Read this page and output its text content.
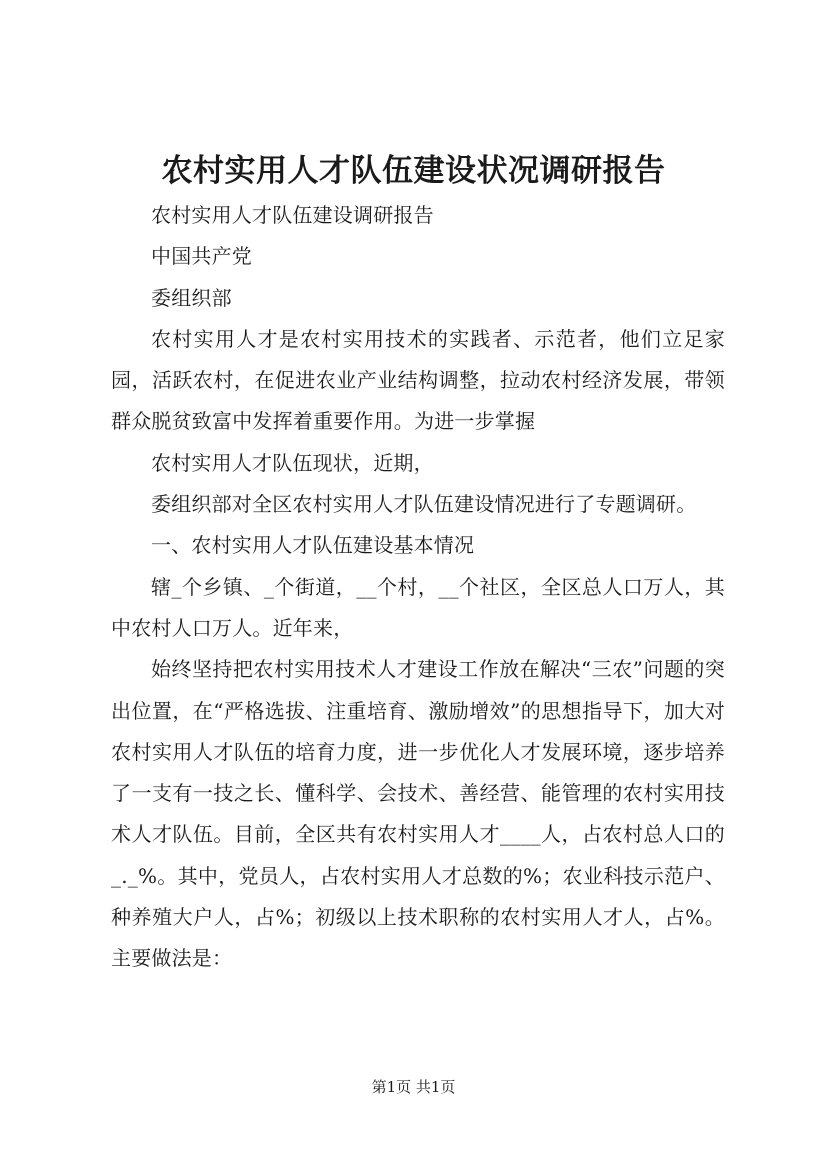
农村实用人才队伍建设状况调研报告

农村实用人才队伍建设调研报告

中国共产党

委组织部

农村实用人才是农村实用技术的实践者、示范者，他们立足家园，活跃农村，在促进农业产业结构调整，拉动农村经济发展，带领群众脱贫致富中发挥着重要作用。为进一步掌握

农村实用人才队伍现状，近期，

委组织部对全区农村实用人才队伍建设情况进行了专题调研。

一、农村实用人才队伍建设基本情况

辖_个乡镇、_个街道，__个村，__个社区，全区总人口万人，其中农村人口万人。近年来，

始终坚持把农村实用技术人才建设工作放在解决“三农”问题的突出位置，在“严格选拔、注重培育、激励增效”的思想指导下，加大对农村实用人才队伍的培育力度，进一步优化人才发展环境，逐步培养了一支有一技之长、懂科学、会技术、善经营、能管理的农村实用技术人才队伍。目前，全区共有农村实用人才____人，占农村总人口的_._%。其中，党员人，占农村实用人才总数的%；农业科技示范户、种养殖大户人，占%；初级以上技术职称的农村实用人才人，占%。主要做法是：

第1页 共1页
